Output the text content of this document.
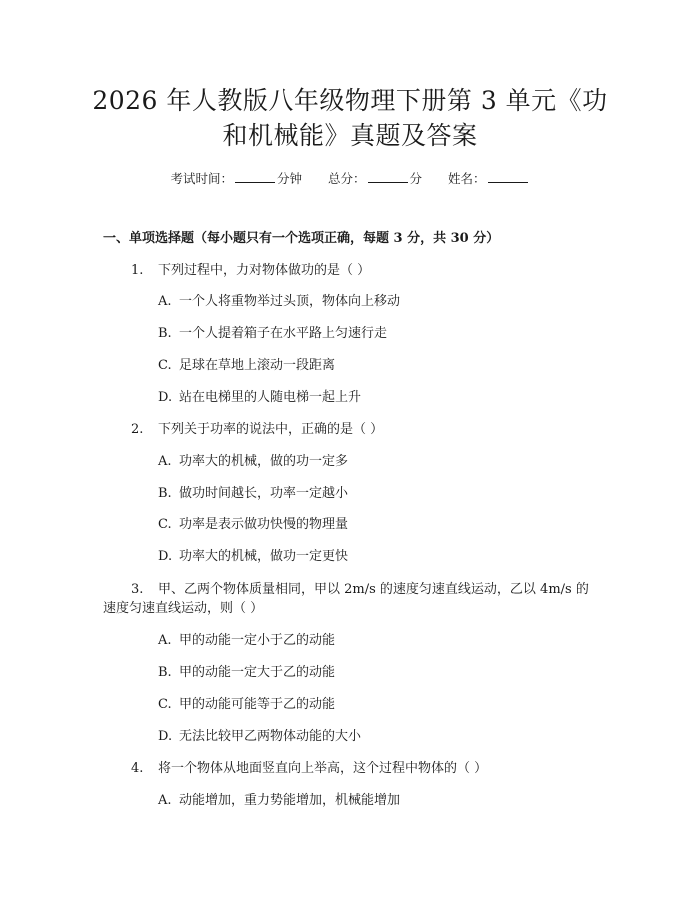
2026 年人教版八年级物理下册第 3 单元《功
和机械能》真题及答案
考试时间：	分钟 总分：	分 姓名：
一、单项选择题（每小题只有一个选项正确，每题 3 分，共 30 分）
1. 下列过程中，力对物体做功的是（ ）
A. 一个人将重物举过头顶，物体向上移动
B. 一个人提着箱子在水平路上匀速行走
C. 足球在草地上滚动一段距离
D. 站在电梯里的人随电梯一起上升
2. 下列关于功率的说法中，正确的是（ ）
A. 功率大的机械，做的功一定多
B. 做功时间越长，功率一定越小
C. 功率是表示做功快慢的物理量
D. 功率大的机械，做功一定更快
3. 甲、乙两个物体质量相同，甲以 2m/s 的速度匀速直线运动，乙以 4m/s 的速度匀速直线运动，则（ ）
A. 甲的动能一定小于乙的动能
B. 甲的动能一定大于乙的动能
C. 甲的动能可能等于乙的动能
D. 无法比较甲乙两物体动能的大小
4. 将一个物体从地面竖直向上举高，这个过程中物体的（ ）
A. 动能增加，重力势能增加，机械能增加
